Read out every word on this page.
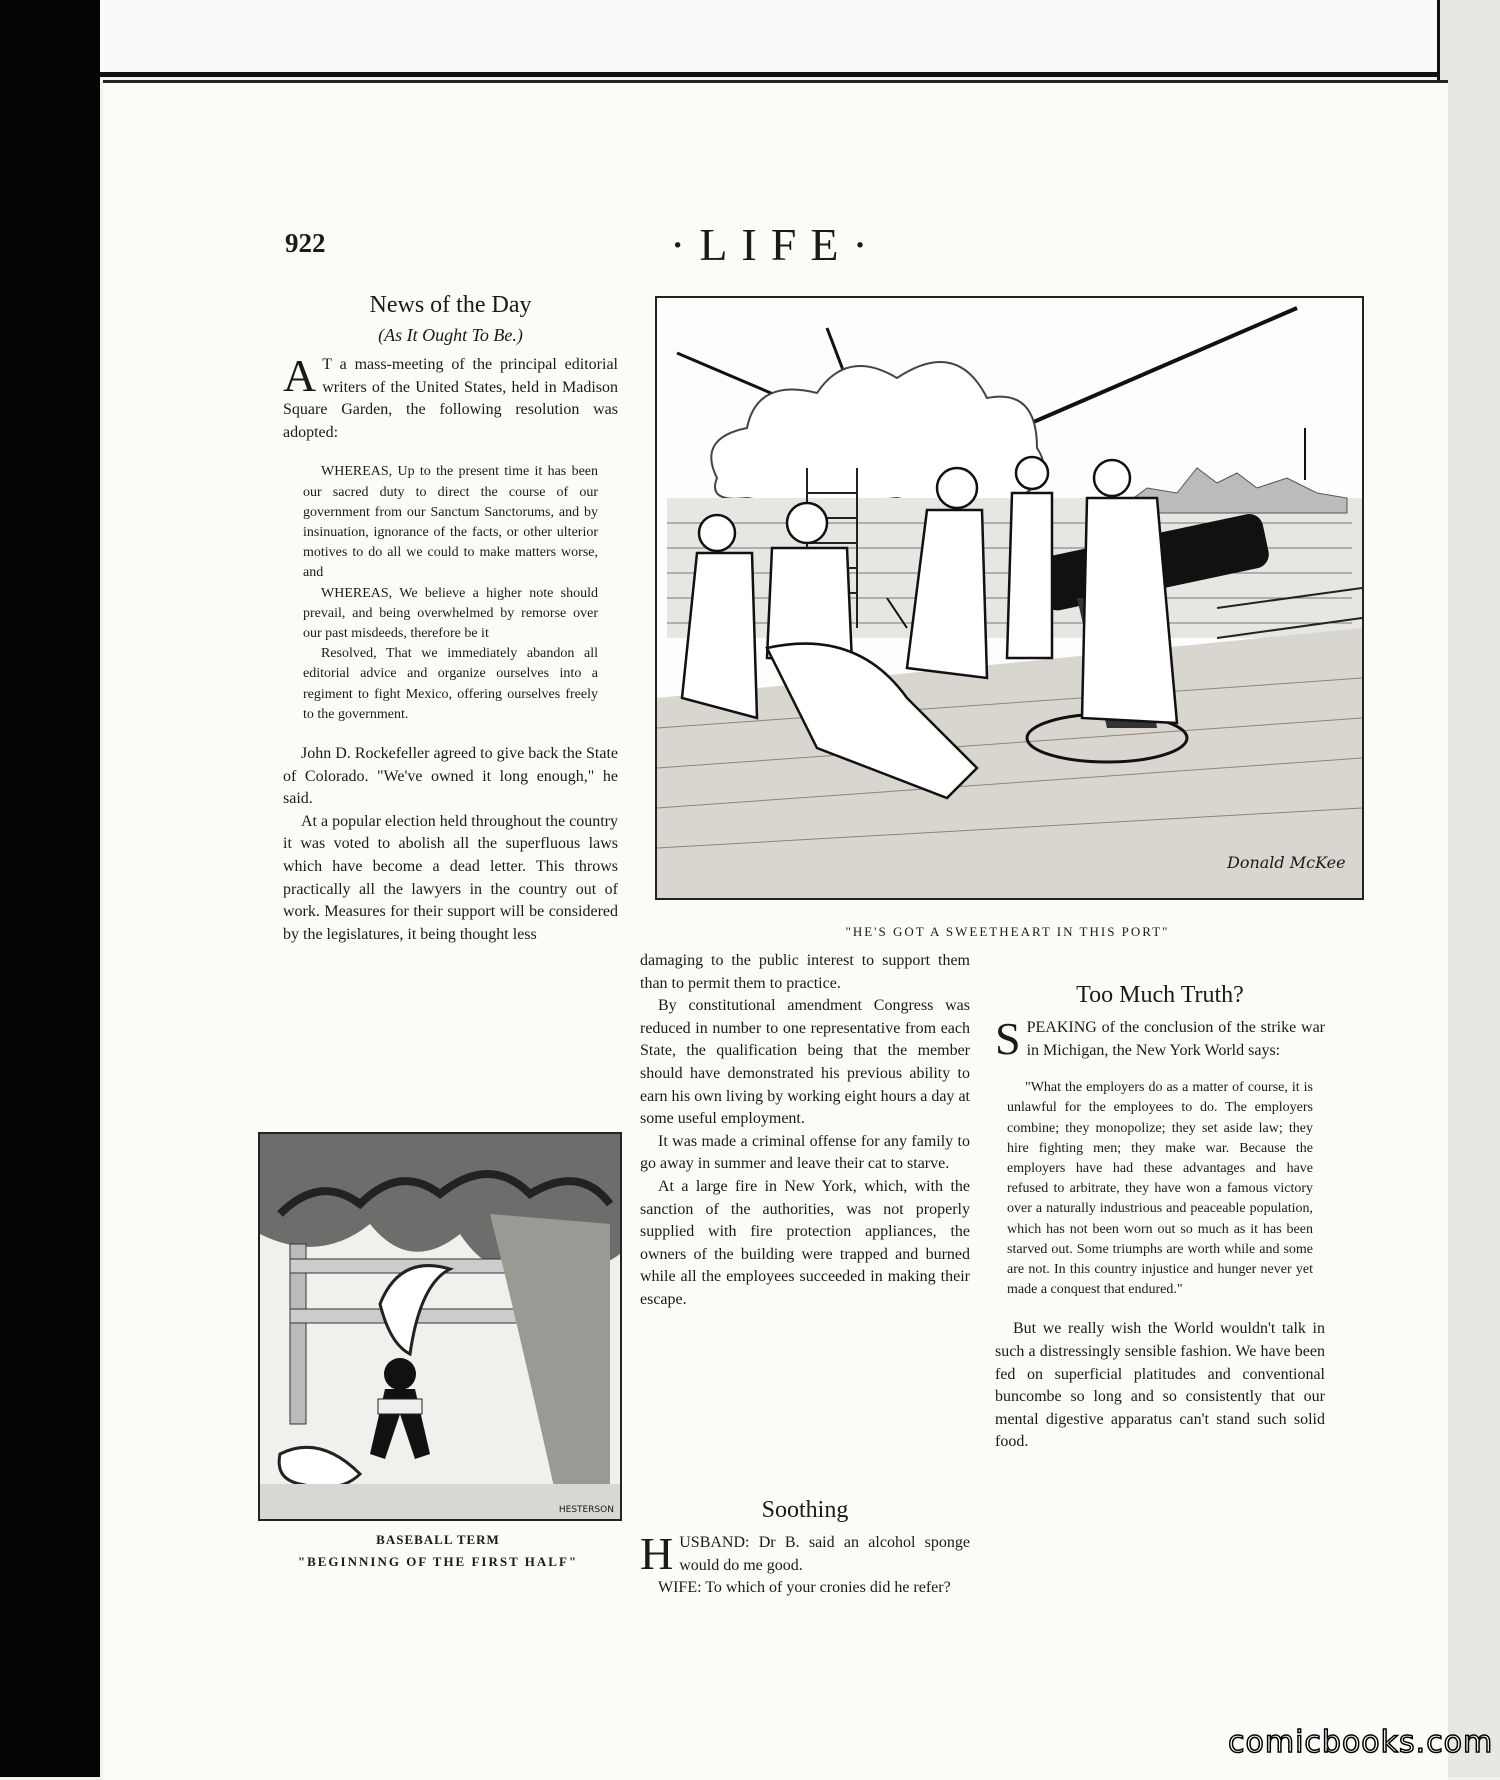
922	·LIFE·
News of the Day
(As It Ought To Be.)
A T a mass-meeting of the principal editorial writers of the United States, held in Madison Square Garden, the following resolution was adopted:

WHEREAS, Up to the present time it has been our sacred duty to direct the course of our government from our Sanctum Sanctorums, and by insinuation, ignorance of the facts, or other ulterior motives to do all we could to make matters worse, and

WHEREAS, We believe a higher note should prevail, and being overwhelmed by remorse over our past misdeeds, therefore be it

Resolved, That we immediately abandon all editorial advice and organize ourselves into a regiment to fight Mexico, offering ourselves freely to the government.

John D. Rockefeller agreed to give back the State of Colorado. "We've owned it long enough," he said.

At a popular election held throughout the country it was voted to abolish all the superfluous laws which have become a dead letter. This throws practically all the lawyers in the country out of work. Measures for their support will be considered by the legislatures, it being thought less

Donald McKee
"HE'S GOT A SWEETHEART IN THIS PORT"
HESTERSON
BASEBALL TERM
"BEGINNING OF THE FIRST HALF"

damaging to the public interest to support them than to permit them to practice.

By constitutional amendment Congress was reduced in number to one representative from each State, the qualification being that the member should have demonstrated his previous ability to earn his own living by working eight hours a day at some useful employment.

It was made a criminal offense for any family to go away in summer and leave their cat to starve.

At a large fire in New York, which, with the sanction of the authorities, was not properly supplied with fire protection appliances, the owners of the building were trapped and burned while all the employees succeeded in making their escape.

Soothing
HUSBAND: Dr B. said an alcohol sponge would do me good.

WIFE: To which of your cronies did he refer?

Too Much Truth?
SPEAKING of the conclusion of the strike war in Michigan, the New York World says:

"What the employers do as a matter of course, it is unlawful for the employees to do. The employers combine; they monopolize; they set aside law; they hire fighting men; they make war. Because the employers have had these advantages and have refused to arbitrate, they have won a famous victory over a naturally industrious and peaceable population, which has not been worn out so much as it has been starved out. Some triumphs are worth while and some are not. In this country injustice and hunger never yet made a conquest that endured."

But we really wish the World wouldn't talk in such a distressingly sensible fashion. We have been fed on superficial platitudes and conventional buncombe so long and so consistently that our mental digestive apparatus can't stand such solid food.

comicbooks.com
